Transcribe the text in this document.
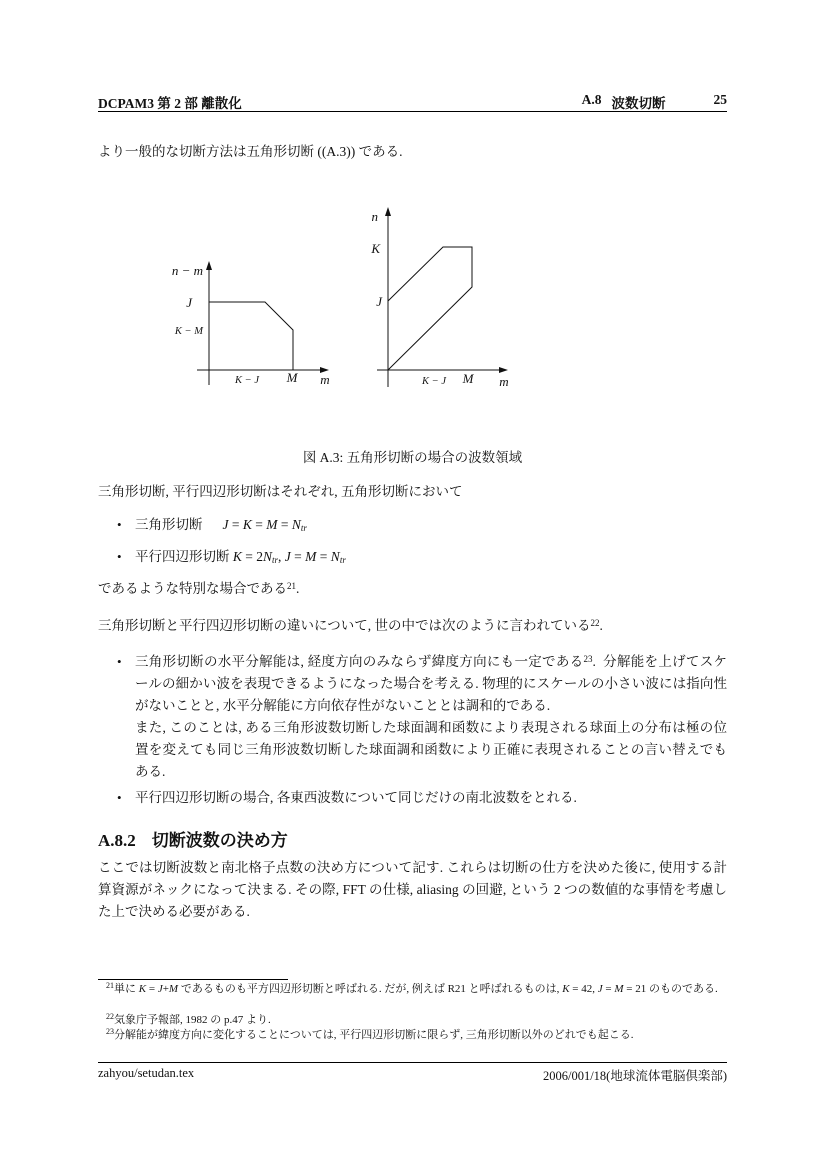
DCPAM3 第 2 部 離散化	A.8 波数切断	25
より一般的な切断方法は五角形切断 ((A.3)) である.
n − m
J
K − M
K − J M m
n
K
J
K − J M m
図 A.3: 五角形切断の場合の波数領域
三角形切断, 平行四辺形切断はそれぞれ, 五角形切断において
• 三角形切断 J = K = M = Ntr
• 平行四辺形切断 K = 2Ntr, J = M = Ntr
であるような特別な場合である$^{21}$.
三角形切断と平行四辺形切断の違いについて, 世の中では次のように言われている$^{22}$.
• 三角形切断の水平分解能は, 経度方向のみならず緯度方向にも一定である$^{23}$.  分解能を上げてスケールの細かい波を表現できるようになった場合を考える. 物理的にスケールの小さい波には指向性がないことと, 水平分解能に方向依存性がないこととは調和的である.
また, このことは, ある三角形波数切断した球面調和函数により表現される球面上の分布は極の位置を変えても同じ三角形波数切断した球面調和函数により正確に表現されることの言い替えでもある.
• 平行四辺形切断の場合, 各東西波数について同じだけの南北波数をとれる.
A.8.2 切断波数の決め方
ここでは切断波数と南北格子点数の決め方について記す. これらは切断の仕方を決めた後に, 使用する計算資源がネックになって決まる. その際, FFT の仕様, aliasing の回避, という 2 つの数値的な事情を考慮した上で決める必要がある.
$^{21}$単に K = J+M であるものも平方四辺形切断と呼ばれる. だが, 例えば R21 と呼ばれるものは, K = 42, J = M = 21 のものである.
$^{22}$気象庁予報部, 1982 の p.47 より.
$^{23}$分解能が緯度方向に変化することについては, 平行四辺形切断に限らず, 三角形切断以外のどれでも起こる.
zahyou/setudan.tex	2006/001/18(地球流体電脳倶楽部)
